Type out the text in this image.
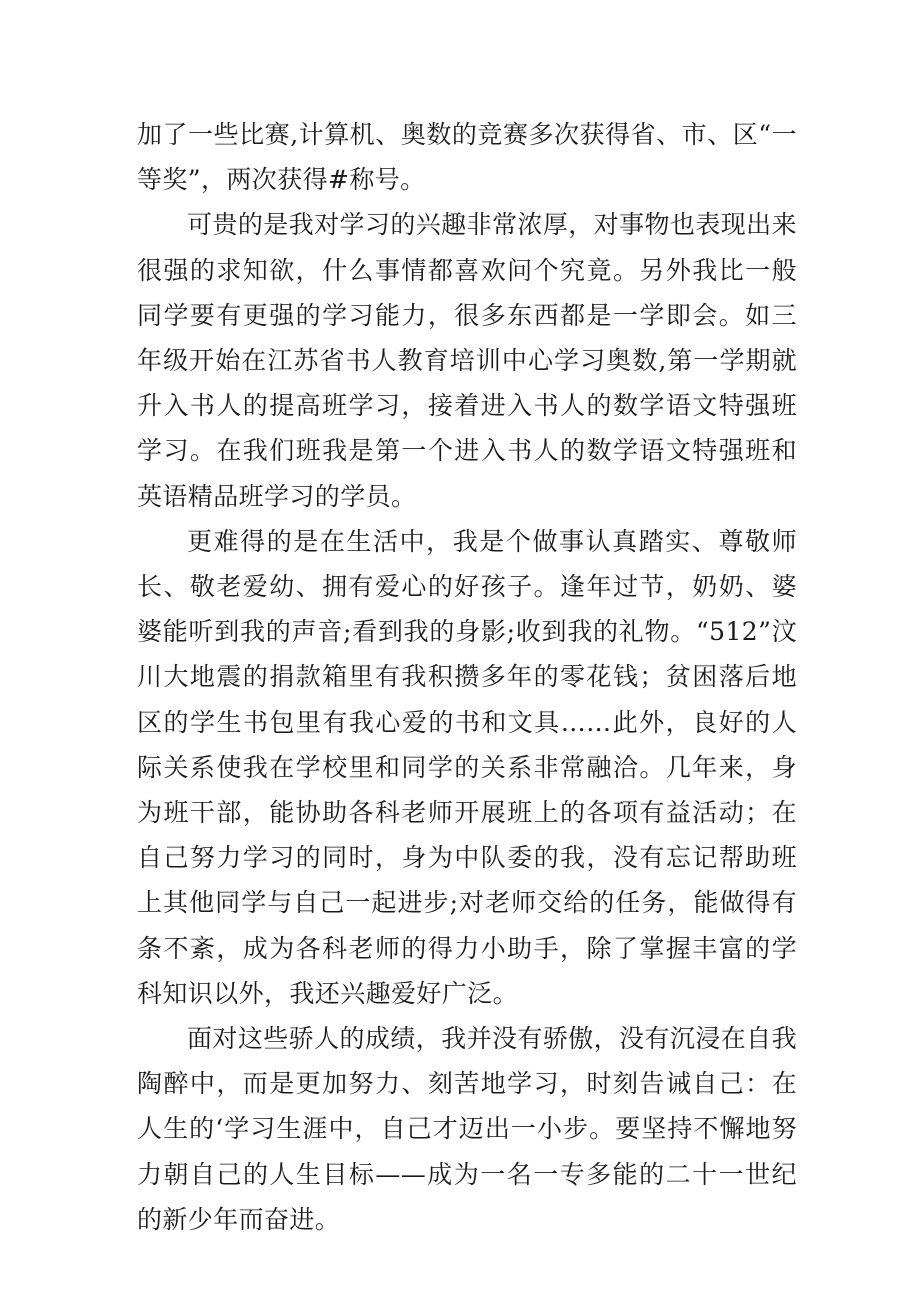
加了一些比赛,计算机、奥数的竞赛多次获得省、市、区“一等奖”，两次获得#称号。

可贵的是我对学习的兴趣非常浓厚，对事物也表现出来很强的求知欲，什么事情都喜欢问个究竟。另外我比一般同学要有更强的学习能力，很多东西都是一学即会。如三年级开始在江苏省书人教育培训中心学习奥数,第一学期就升入书人的提高班学习，接着进入书人的数学语文特强班学习。在我们班我是第一个进入书人的数学语文特强班和英语精品班学习的学员。

更难得的是在生活中，我是个做事认真踏实、尊敬师长、敬老爱幼、拥有爱心的好孩子。逢年过节，奶奶、婆婆能听到我的声音;看到我的身影;收到我的礼物。“512”汶川大地震的捐款箱里有我积攒多年的零花钱；贫困落后地区的学生书包里有我心爱的书和文具……此外，良好的人际关系使我在学校里和同学的关系非常融洽。几年来，身为班干部，能协助各科老师开展班上的各项有益活动；在自己努力学习的同时，身为中队委的我，没有忘记帮助班上其他同学与自己一起进步;对老师交给的任务，能做得有条不紊，成为各科老师的得力小助手，除了掌握丰富的学科知识以外，我还兴趣爱好广泛。

面对这些骄人的成绩，我并没有骄傲，没有沉浸在自我陶醉中，而是更加努力、刻苦地学习，时刻告诫自己：在人生的‘学习生涯中，自己才迈出一小步。要坚持不懈地努力朝自己的人生目标——成为一名一专多能的二十一世纪的新少年而奋进。
